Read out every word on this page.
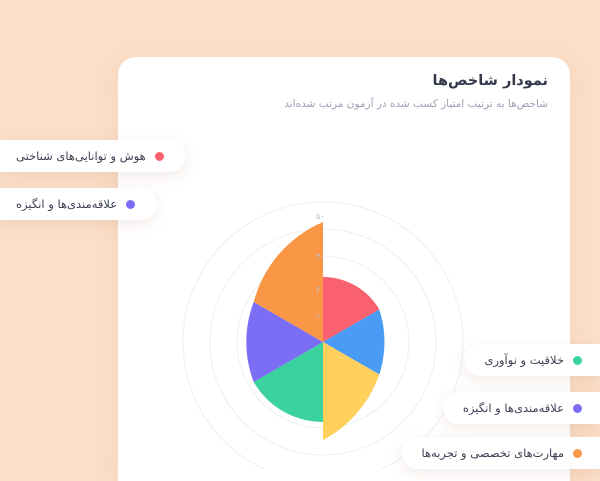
نمودار شاخص‌ها

شاخص‌ها به ترتیب امتیاز کسب شده در آزمون مرتب شده‌اند

۱۰
۲۰
۴۰
۵۰
هوش و توانایی‌های شناختی
علاقه‌مندی‌ها و انگیزه
خلاقیت و نوآوری
علاقه‌مندی‌ها و انگیزه
مهارت‌های تخصصی و تجربه‌ها
